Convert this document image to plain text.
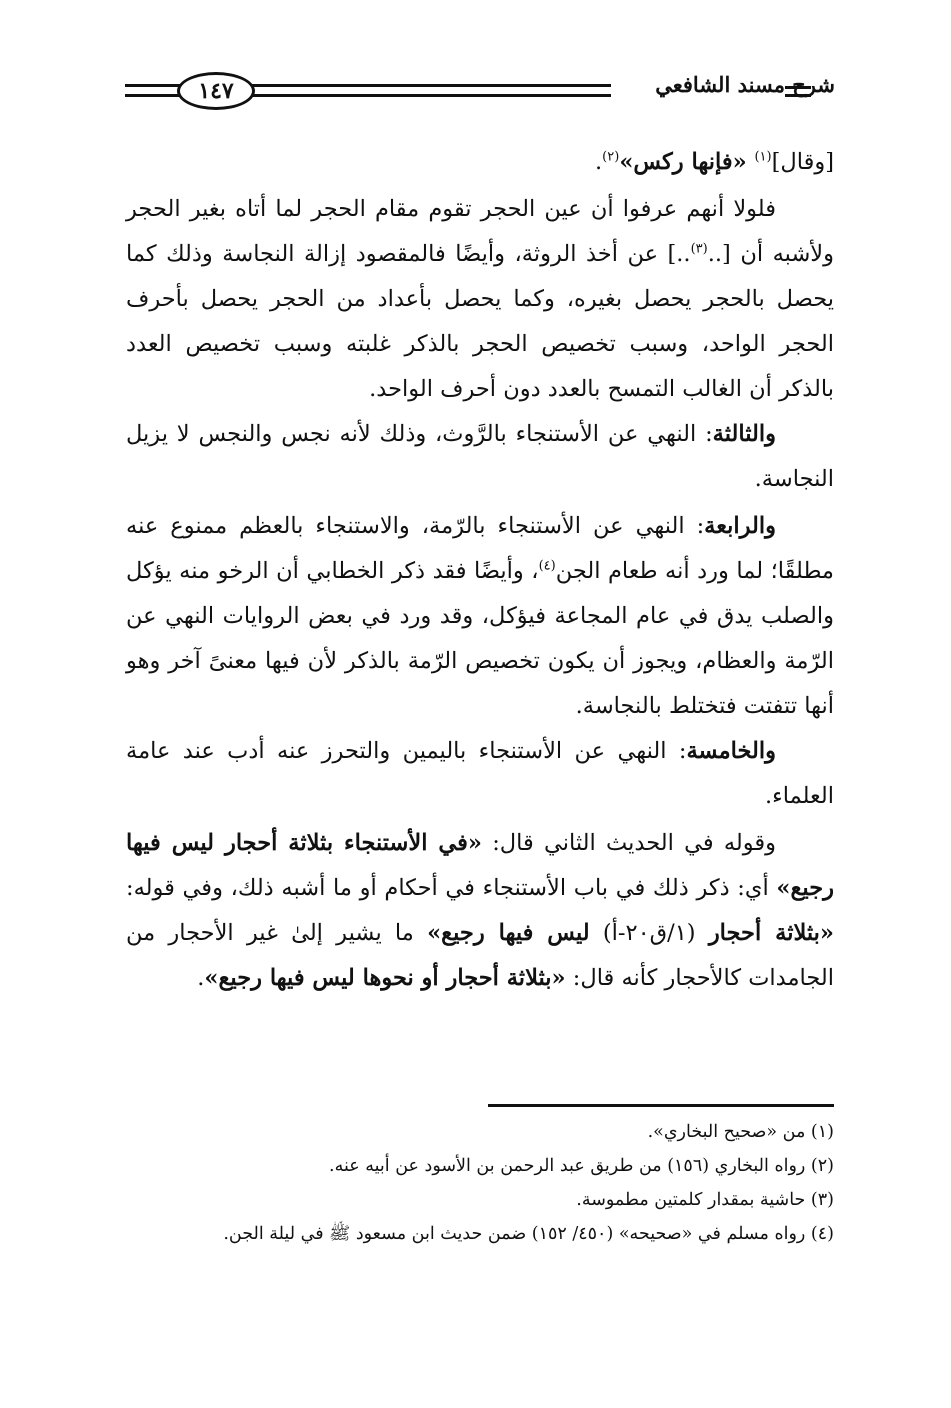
١٤٧	شرح مسند الشافعي

[وقال]$^{(١)}$ «فإنها ركس»$^{(٢)}$.

فلولا أنهم عرفوا أن عين الحجر تقوم مقام الحجر لما أتاه بغير الحجر ولأشبه أن [..$^{(٣)}$..] عن أخذ الروثة، وأيضًا فالمقصود إزالة النجاسة وذلك كما يحصل بالحجر يحصل بغيره، وكما يحصل بأعداد من الحجر يحصل بأحرف الحجر الواحد، وسبب تخصيص الحجر بالذكر غلبته وسبب تخصيص العدد بالذكر أن الغالب التمسح بالعدد دون أحرف الواحد.

والثالثة: النهي عن الأستنجاء بالرَّوث، وذلك لأنه نجس والنجس لا يزيل النجاسة.

والرابعة: النهي عن الأستنجاء بالرّمة، والاستنجاء بالعظم ممنوع عنه مطلقًا؛ لما ورد أنه طعام الجن$^{(٤)}$، وأيضًا فقد ذكر الخطابي أن الرخو منه يؤكل والصلب يدق في عام المجاعة فيؤكل، وقد ورد في بعض الروايات النهي عن الرّمة والعظام، ويجوز أن يكون تخصيص الرّمة بالذكر لأن فيها معنىً آخر وهو أنها تتفتت فتختلط بالنجاسة.

والخامسة: النهي عن الأستنجاء باليمين والتحرز عنه أدب عند عامة العلماء.

وقوله في الحديث الثاني قال: «في الأستنجاء بثلاثة أحجار ليس فيها رجيع» أي: ذكر ذلك في باب الأستنجاء في أحكام أو ما أشبه ذلك، وفي قوله: «بثلاثة أحجار (١/ق٢٠-أ) ليس فيها رجيع» ما يشير إلىٰ غير الأحجار من الجامدات كالأحجار كأنه قال: «بثلاثة أحجار أو نحوها ليس فيها رجيع».

(١) من «صحيح البخاري».
(٢) رواه البخاري (١٥٦) من طريق عبد الرحمن بن الأسود عن أبيه عنه.
(٣) حاشية بمقدار كلمتين مطموسة.
(٤) رواه مسلم في «صحيحه» (٤٥٠/ ١٥٢) ضمن حديث ابن مسعود ﷺ في ليلة الجن.
